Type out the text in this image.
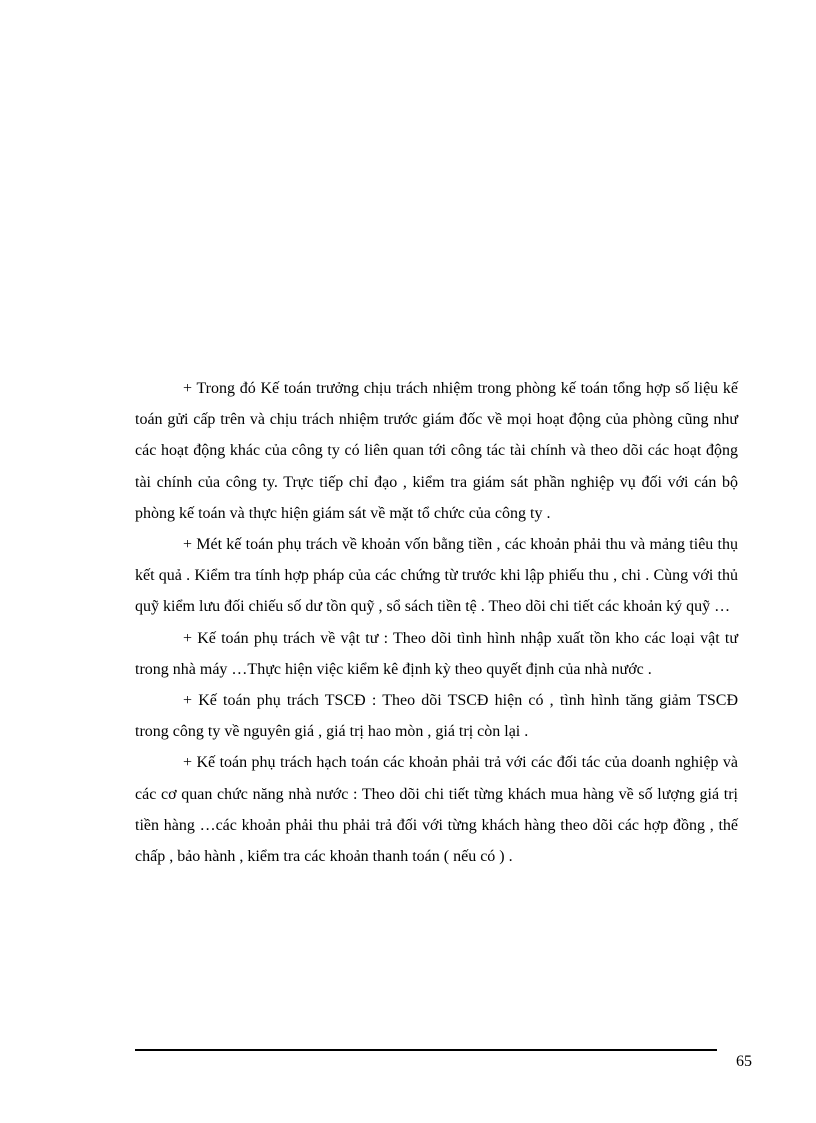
+ Trong đó Kế toán trưởng chịu trách nhiệm trong phòng kế toán tổng hợp số liệu kế toán gửi cấp trên và chịu trách nhiệm trước giám đốc về mọi hoạt động của phòng cũng như các hoạt động khác của công ty có liên quan tới công tác tài chính và theo dõi các hoạt động tài chính của công ty. Trực tiếp chỉ đạo , kiểm tra giám sát phần nghiệp vụ đối với cán bộ phòng kế toán và thực hiện giám sát về mặt tổ chức của công ty .

+ Mét kế toán phụ trách về khoản vốn bằng tiền , các khoản phải thu và mảng tiêu thụ kết quả . Kiểm tra tính hợp pháp của các chứng từ trước khi lập phiếu thu , chi . Cùng với thủ quỹ kiểm lưu đối chiếu số dư tồn quỹ , sổ sách tiền tệ . Theo dõi chi tiết các khoản ký quỹ …

+ Kế toán phụ trách về vật tư : Theo dõi tình hình nhập xuất tồn kho các loại vật tư trong nhà máy …Thực hiện việc kiểm kê định kỳ theo quyết định của nhà nước .

+ Kế toán phụ trách TSCĐ : Theo dõi TSCĐ hiện có , tình hình tăng giảm TSCĐ trong công ty về nguyên giá , giá trị hao mòn , giá trị còn lại .

+ Kế toán phụ trách hạch toán các khoản phải trả với các đối tác của doanh nghiệp và các cơ quan chức năng nhà nước : Theo dõi chi tiết từng khách mua hàng về số lượng giá trị tiền hàng …các khoản phải thu phải trả đối với từng khách hàng theo dõi các hợp đồng , thế chấp , bảo hành , kiểm tra các khoản thanh toán ( nếu có ) .

65
